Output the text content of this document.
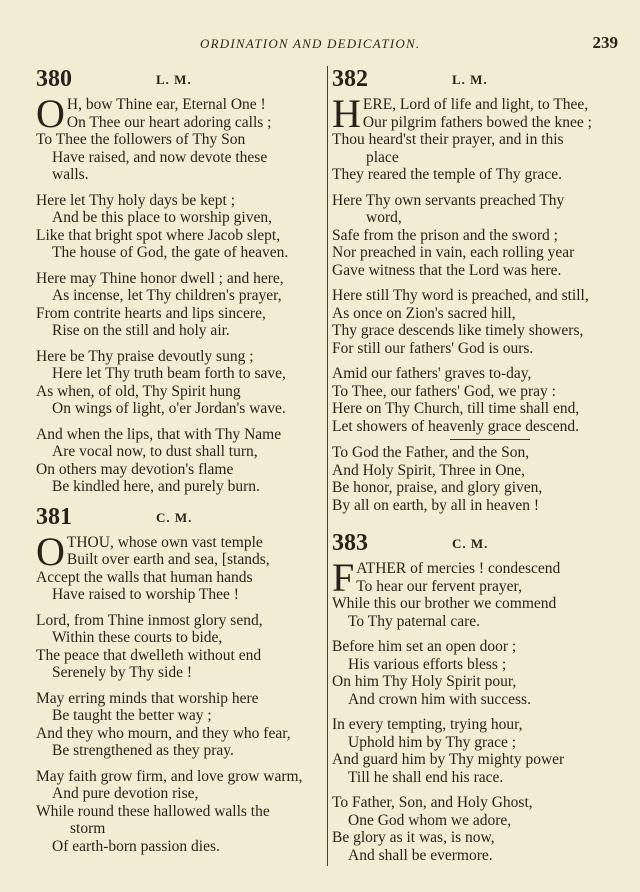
ORDINATION AND DEDICATION.	239
380	L. M.
O H, bow Thine ear, Eternal One !
On Thee our heart adoring calls ;
To Thee the followers of Thy Son
Have raised, and now devote these
walls.
Here let Thy holy days be kept ;
And be this place to worship given,
Like that bright spot where Jacob slept,
The house of God, the gate of heaven.
Here may Thine honor dwell ; and here,
As incense, let Thy children's prayer,
From contrite hearts and lips sincere,
Rise on the still and holy air.
Here be Thy praise devoutly sung ;
Here let Thy truth beam forth to save,
As when, of old, Thy Spirit hung
On wings of light, o'er Jordan's wave.
And when the lips, that with Thy Name
Are vocal now, to dust shall turn,
On others may devotion's flame
Be kindled here, and purely burn.
381	C. M.
OTHOU, whose own vast temple
Built over earth and sea, [stands,
Accept the walls that human hands
Have raised to worship Thee !
Lord, from Thine inmost glory send,
Within these courts to bide,
The peace that dwelleth without end
Serenely by Thy side !
May erring minds that worship here
Be taught the better way ;
And they who mourn, and they who fear,
Be strengthened as they pray.
May faith grow firm, and love grow warm,
And pure devotion rise,
While round these hallowed walls the
storm
Of earth-born passion dies.
382	L. M.
HERE, Lord of life and light, to Thee,
Our pilgrim fathers bowed the knee ;
Thou heard'st their prayer, and in this
place
They reared the temple of Thy grace.
Here Thy own servants preached Thy
word,
Safe from the prison and the sword ;
Nor preached in vain, each rolling year
Gave witness that the Lord was here.
Here still Thy word is preached, and still,
As once on Zion's sacred hill,
Thy grace descends like timely showers,
For still our fathers' God is ours.
Amid our fathers' graves to-day,
To Thee, our fathers' God, we pray :
Here on Thy Church, till time shall end,
Let showers of heavenly grace descend.
To God the Father, and the Son,
And Holy Spirit, Three in One,
Be honor, praise, and glory given,
By all on earth, by all in heaven !
383	C. M.
FATHER of mercies ! condescend
To hear our fervent prayer,
While this our brother we commend
To Thy paternal care.
Before him set an open door ;
His various efforts bless ;
On him Thy Holy Spirit pour,
And crown him with success.
In every tempting, trying hour,
Uphold him by Thy grace ;
And guard him by Thy mighty power
Till he shall end his race.
To Father, Son, and Holy Ghost,
One God whom we adore,
Be glory as it was, is now,
And shall be evermore.
